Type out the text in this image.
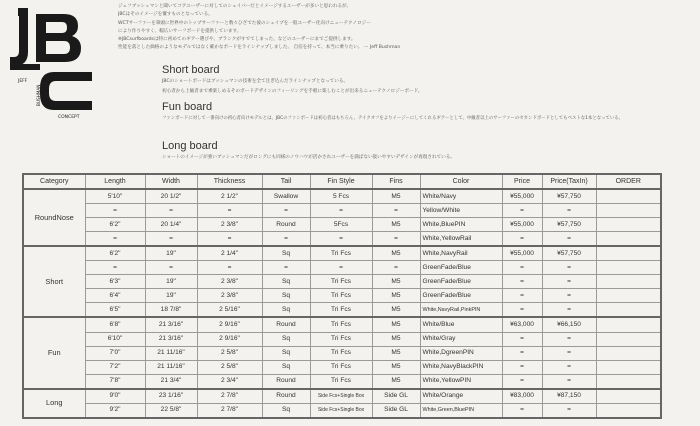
JEFF
BUSHMAN
CONCEPT
ジェフブッシュマンと聞いてコアユーザーに対してのシェイパーだとイメージするユーザーが多いと思われるが、
JBCはそのイメージを覆すものとなっている。
WCTサーファーを筆頭に世界中のトップサーファーと数々ひざでた彼のシェイプを一般ユーザー化向けニューテクノロジー
により作りやすく、幅広いサーフボードを提供しています。
※JBCsurfboardsは特に初めてのギアー選びや、ブランクがすでてしまった、などのユーザーにまでご提供します。
性能を落とした価格のようなモデルではなく確かなボードをラインナップしました。 自信を持って、本当に乗りたい。 ー Jeff Bushman
Short board
JBCのショートボードはブッシュマンの技術を全て注ぎ込んだラインナップとなっている。
初心者から上級者まで乗楽しめるそのボードデザインのフィーリングを手軽に楽しむことが出来るニューテクノロジーボード。
Fun board
ファンボードに対して一番向けの初心者向けモデルとは、JBCのファンボードは初心者はもちろん、テイクオフをよりイージーにしてくれるギアーとして、中級者以上のサーファーのセカンドボードとしてもベストな1本となっている。
Long board
ショートのイメージが強いブッシュマンだがロングにも同様のノウハウが活かされユーザーを満ばない扱いやすいデザインが再現されている。
Category	Length	Width	Thickness	Tail	Fin Style	Fins	Color	Price	Price(TaxIn)	ORDER
RoundNose	5'10"	20 1/2"	2 1/2"	Swallow	5 Fcs	M5	White/Navy	¥55,000	¥57,750	
	=	=	=	=	=	=	Yellow/White	=	=	
	6'2"	20 1/4"	2 3/8"	Round	5Fcs	M5	White,BluePIN	¥55,000	¥57,750	
	=	=	=	=	=	=	White,YellowRail	=	=	
Short	6'2"	19"	2 1/4"	Sq	Tri Fcs	M5	White,NavyRail	¥55,000	¥57,750	
	=	=	=	=	=	=	GreenFade/Blue	=	=	
	6'3"	19"	2 3/8"	Sq	Tri Fcs	M5	GreenFade/Blue	=	=	
	6'4"	19"	2 3/8"	Sq	Tri Fcs	M5	GreenFade/Blue	=	=	
	6'5"	18 7/8"	2 5/16"	Sq	Tri Fcs	M5	White,NavyRail,PinkPIN	=	=	
Fun	6'8"	21 3/16"	2 9/16"	Round	Tri Fcs	M5	White/Blue	¥63,000	¥66,150	
	6'10"	21 3/16"	2 9/16"	Sq	Tri Fcs	M5	White/Gray	=	=	
	7'0"	21 11/16"	2 5/8"	Sq	Tri Fcs	M5	White,DgreenPIN	=	=	
	7'2"	21 11/16"	2 5/8"	Sq	Tri Fcs	M5	White,NavyBlackPIN	=	=	
	7'8"	21 3/4"	2 3/4"	Round	Tri Fcs	M5	White,YellowPIN	=	=	
Long	9'0"	23 1/16"	2 7/8"	Round	Side Fcs+Single Box	Side GL	White/Orange	¥83,000	¥87,150	
	9'2"	22 5/8"	2 7/8"	Sq	Side Fcs+Single Box	Side GL	White,Green,BluePIN	=	=	
